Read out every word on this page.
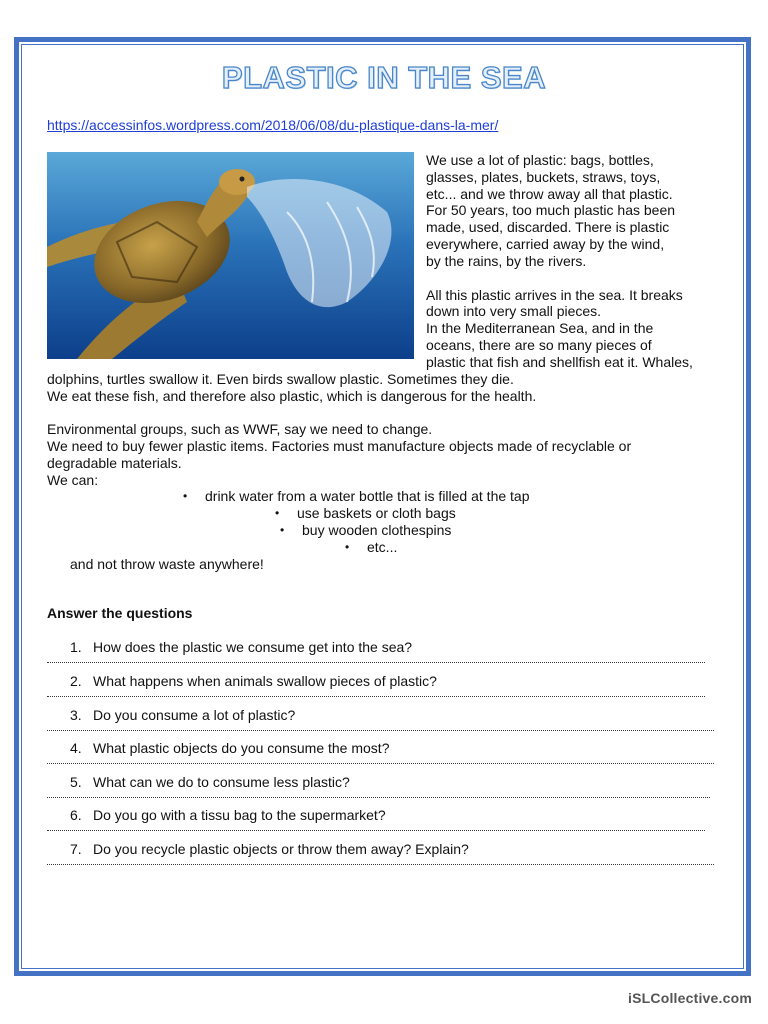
PLASTIC IN THE SEA
https://accessinfos.wordpress.com/2018/06/08/du-plastique-dans-la-mer/
We use a lot of plastic: bags, bottles,
glasses, plates, buckets, straws, toys,
etc... and we throw away all that plastic.
For 50 years, too much plastic has been
made, used, discarded. There is plastic
everywhere, carried away by the wind,
by the rains, by the rivers.
All this plastic arrives in the sea. It breaks
down into very small pieces.
In the Mediterranean Sea, and in the
oceans, there are so many pieces of
plastic that fish and shellfish eat it. Whales,
dolphins, turtles swallow it. Even birds swallow plastic. Sometimes they die.
We eat these fish, and therefore also plastic, which is dangerous for the health.
Environmental groups, such as WWF, say we need to change.
We need to buy fewer plastic items. Factories must manufacture objects made of recyclable or
degradable materials.
We can:
• drink water from a water bottle that is filled at the tap
• use baskets or cloth bags
• buy wooden clothespins
• etc...
and not throw waste anywhere!
Answer the questions
1. How does the plastic we consume get into the sea?
2. What happens when animals swallow pieces of plastic?
3. Do you consume a lot of plastic?
4. What plastic objects do you consume the most?
5. What can we do to consume less plastic?
6. Do you go with a tissu bag to the supermarket?
7. Do you recycle plastic objects or throw them away? Explain?
iSLCollective.com
